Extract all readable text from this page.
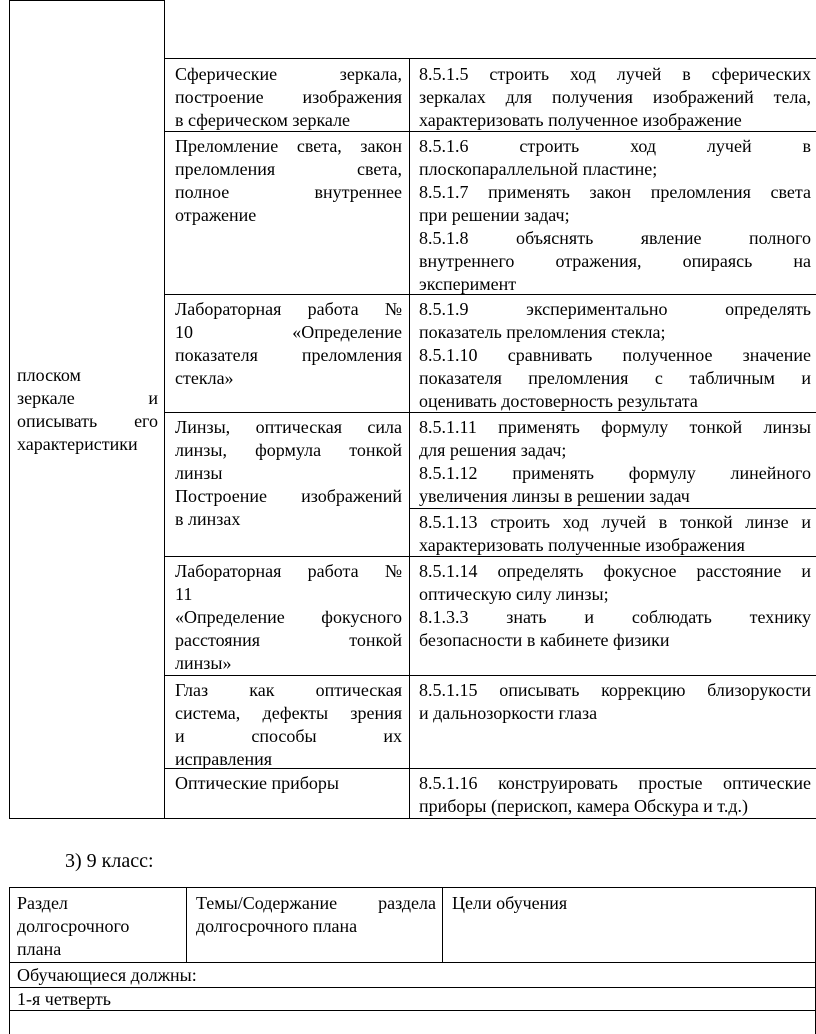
плоском
зеркале и
описывать его
характеристики
Сферические зеркала,
построение изображения
в сферическом зеркале
8.5.1.5 строить ход лучей в сферических
зеркалах для получения изображений тела,
характеризовать полученное изображение
Преломление света, закон
преломления света,
полное внутреннее
отражение
8.5.1.6 строить ход лучей в
плоскопараллельной пластине;
8.5.1.7 применять закон преломления света
при решении задач;
8.5.1.8 объяснять явление полного
внутреннего отражения, опираясь на
эксперимент
Лабораторная работа №
10 «Определение
показателя преломления
стекла»
8.5.1.9 экспериментально определять
показатель преломления стекла;
8.5.1.10 сравнивать полученное значение
показателя преломления с табличным и
оценивать достоверность результата
Линзы, оптическая сила
линзы, формула тонкой
линзы
Построение изображений
в линзах
8.5.1.11 применять формулу тонкой линзы
для решения задач;
8.5.1.12 применять формулу линейного
увеличения линзы в решении задач
8.5.1.13 строить ход лучей в тонкой линзе и
характеризовать полученные изображения
Лабораторная работа №
11
«Определение фокусного
расстояния тонкой
линзы»
8.5.1.14 определять фокусное расстояние и
оптическую силу линзы;
8.1.3.3 знать и соблюдать технику
безопасности в кабинете физики
Глаз как оптическая
система, дефекты зрения
и способы их
исправления
8.5.1.15 описывать коррекцию близорукости
и дальнозоркости глаза
Оптические приборы	8.5.1.16 конструировать простые оптические
приборы (перископ, камера Обскура и т.д.)
3) 9 класс:
Раздел
долгосрочного
плана
Темы/Содержание раздела
долгосрочного плана
Цели обучения
Обучающиеся должны:
1-я четверть
